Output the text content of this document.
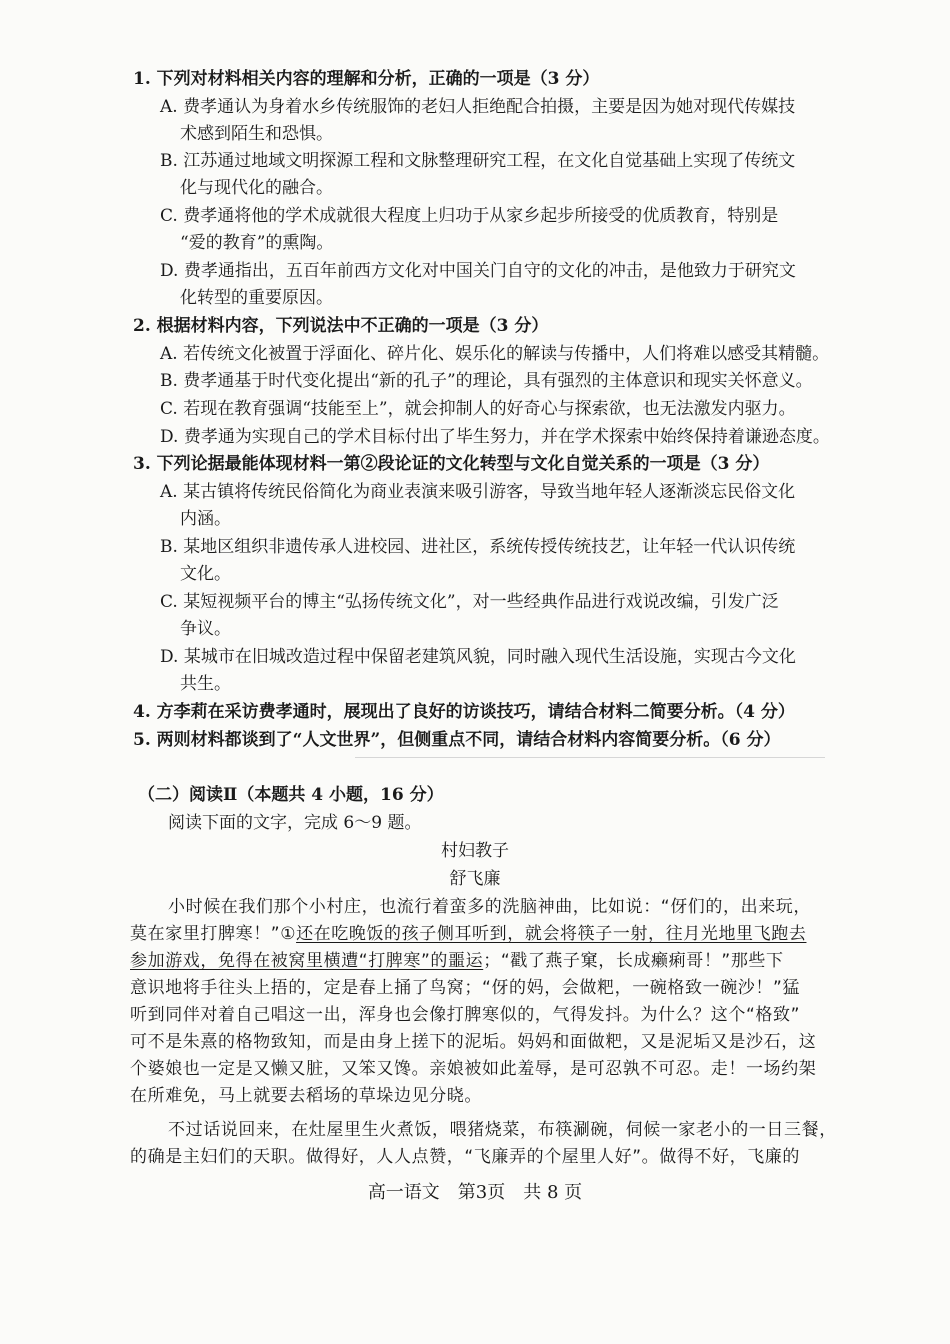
1. 下列对材料相关内容的理解和分析，正确的一项是（3 分）
A. 费孝通认为身着水乡传统服饰的老妇人拒绝配合拍摄，主要是因为她对现代传媒技
术感到陌生和恐惧。
B. 江苏通过地域文明探源工程和文脉整理研究工程，在文化自觉基础上实现了传统文
化与现代化的融合。
C. 费孝通将他的学术成就很大程度上归功于从家乡起步所接受的优质教育，特别是
“爱的教育”的熏陶。
D. 费孝通指出，五百年前西方文化对中国关门自守的文化的冲击，是他致力于研究文
化转型的重要原因。
2. 根据材料内容，下列说法中不正确的一项是（3 分）
A. 若传统文化被置于浮面化、碎片化、娱乐化的解读与传播中，人们将难以感受其精髓。
B. 费孝通基于时代变化提出“新的孔子”的理论，具有强烈的主体意识和现实关怀意义。
C. 若现在教育强调“技能至上”，就会抑制人的好奇心与探索欲，也无法激发内驱力。
D. 费孝通为实现自己的学术目标付出了毕生努力，并在学术探索中始终保持着谦逊态度。
3. 下列论据最能体现材料一第②段论证的文化转型与文化自觉关系的一项是（3 分）
A. 某古镇将传统民俗简化为商业表演来吸引游客，导致当地年轻人逐渐淡忘民俗文化
内涵。
B. 某地区组织非遗传承人进校园、进社区，系统传授传统技艺，让年轻一代认识传统
文化。
C. 某短视频平台的博主“弘扬传统文化”，对一些经典作品进行戏说改编，引发广泛
争议。
D. 某城市在旧城改造过程中保留老建筑风貌，同时融入现代生活设施，实现古今文化
共生。
4. 方李莉在采访费孝通时，展现出了良好的访谈技巧，请结合材料二简要分析。（4 分）
5. 两则材料都谈到了“人文世界”，但侧重点不同，请结合材料内容简要分析。（6 分）
（二）阅读Ⅱ（本题共 4 小题，16 分）
阅读下面的文字，完成 6～9 题。
村妇教子
舒飞廉
小时候在我们那个小村庄，也流行着蛮多的洗脑神曲，比如说：“伢们的，出来玩，
莫在家里打脾寒！”①还在吃晚饭的孩子侧耳听到，就会将筷子一射，往月光地里飞跑去
参加游戏，免得在被窝里横遭“打脾寒”的噩运；“戳了燕子窠，长成癞痢哥！”那些下
意识地将手往头上捂的，定是春上捅了鸟窝；“伢的妈，会做粑，一碗格致一碗沙！”猛
听到同伴对着自己唱这一出，浑身也会像打脾寒似的，气得发抖。为什么？这个“格致”
可不是朱熹的格物致知，而是由身上搓下的泥垢。妈妈和面做粑，又是泥垢又是沙石，这
个婆娘也一定是又懒又脏，又笨又馋。亲娘被如此羞辱，是可忍孰不可忍。走！一场约架
在所难免，马上就要去稻场的草垛边见分晓。
不过话说回来，在灶屋里生火煮饭，喂猪烧菜，布筷涮碗，伺候一家老小的一日三餐，
的确是主妇们的天职。做得好，人人点赞，“飞廉弄的个屋里人好”。做得不好，飞廉的
高一语文　第3页　共 8 页
